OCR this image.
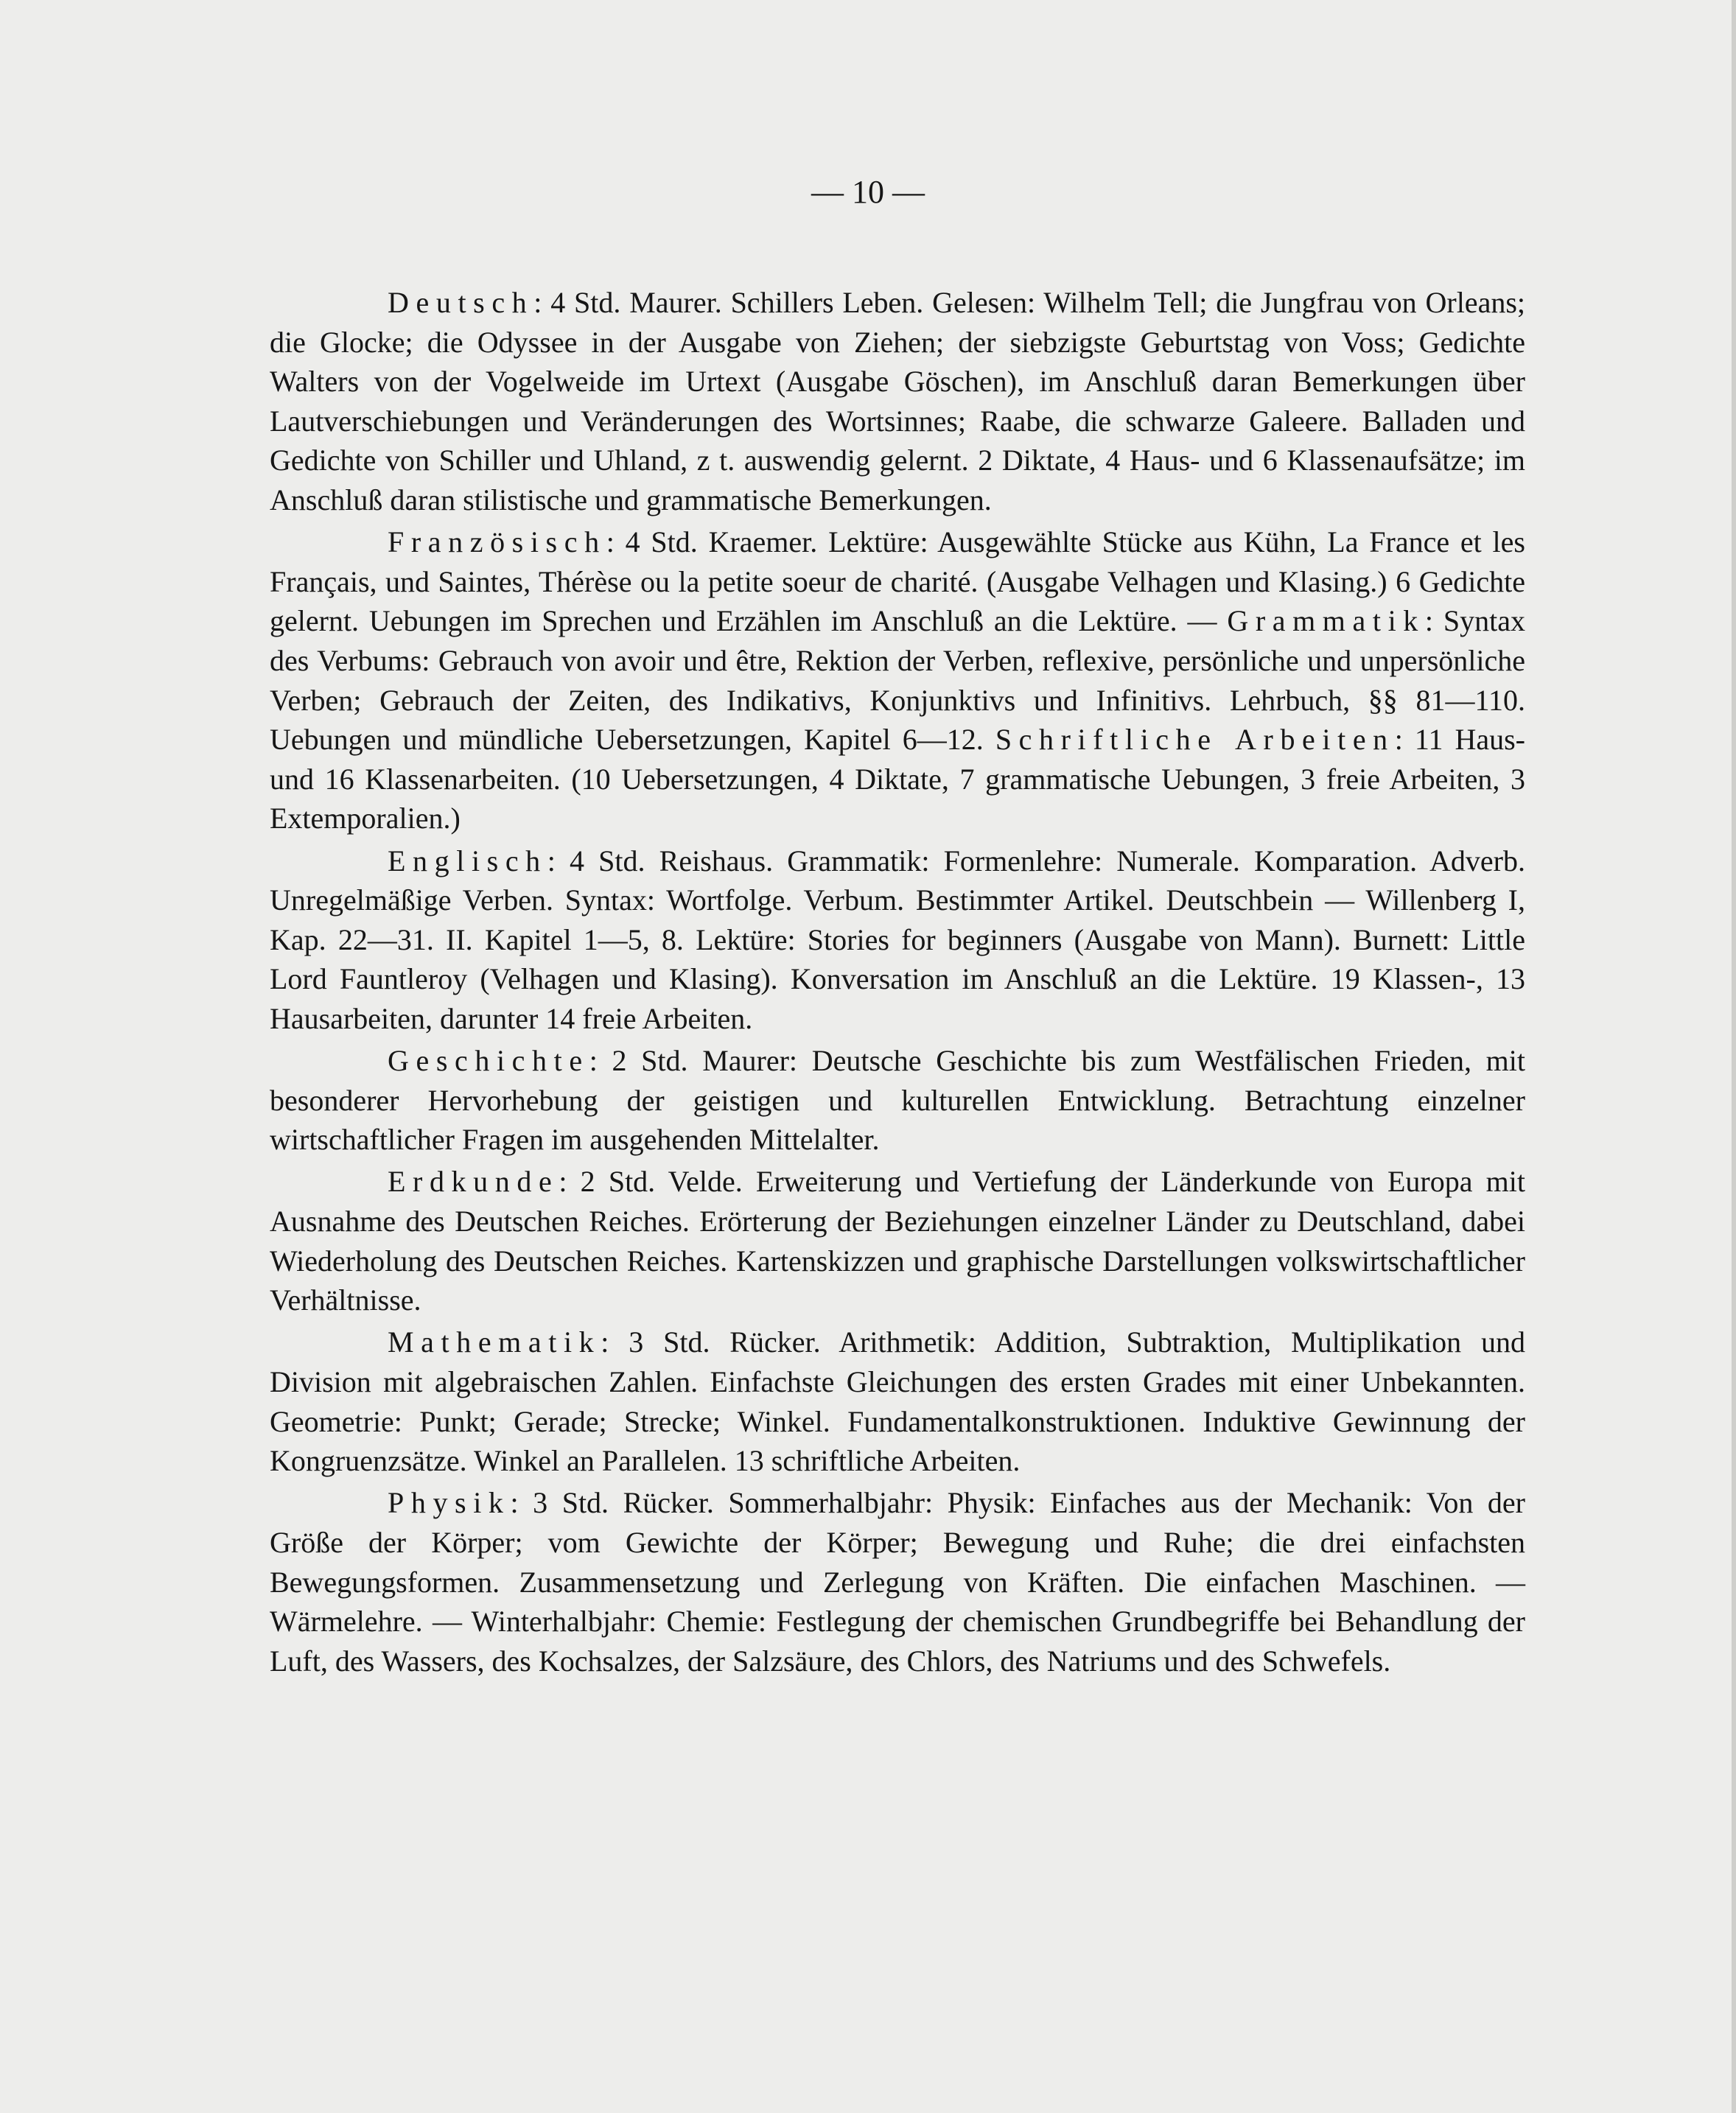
— 10 —

Deutsch: 4 Std. Maurer. Schillers Leben. Gelesen: Wilhelm Tell; die Jungfrau von Orleans; die Glocke; die Odyssee in der Ausgabe von Ziehen; der siebzigste Geburtstag von Voss; Gedichte Walters von der Vogelweide im Urtext (Ausgabe Göschen), im Anschluß daran Bemerkungen über Lautverschiebungen und Veränderungen des Wortsinnes; Raabe, die schwarze Galeere. Balladen und Gedichte von Schiller und Uhland, z t. auswendig gelernt. 2 Diktate, 4 Haus- und 6 Klassenaufsätze; im Anschluß daran stilistische und grammatische Bemerkungen.

Französisch: 4 Std. Kraemer. Lektüre: Ausgewählte Stücke aus Kühn, La France et les Français, und Saintes, Thérèse ou la petite soeur de charité. (Ausgabe Velhagen und Klasing.) 6 Gedichte gelernt. Uebungen im Sprechen und Erzählen im Anschluß an die Lektüre. — Grammatik: Syntax des Verbums: Gebrauch von avoir und être, Rektion der Verben, reflexive, persönliche und unpersönliche Verben; Gebrauch der Zeiten, des Indikativs, Konjunktivs und Infinitivs. Lehrbuch, §§ 81—110. Uebungen und mündliche Uebersetzungen, Kapitel 6—12. Schriftliche Arbeiten: 11 Haus- und 16 Klassenarbeiten. (10 Uebersetzungen, 4 Diktate, 7 grammatische Uebungen, 3 freie Arbeiten, 3 Extemporalien.)

Englisch: 4 Std. Reishaus. Grammatik: Formenlehre: Numerale. Komparation. Adverb. Unregelmäßige Verben. Syntax: Wortfolge. Verbum. Bestimmter Artikel. Deutschbein — Willenberg I, Kap. 22—31. II. Kapitel 1—5, 8. Lektüre: Stories for beginners (Ausgabe von Mann). Burnett: Little Lord Fauntleroy (Velhagen und Klasing). Konversation im Anschluß an die Lektüre. 19 Klassen-, 13 Hausarbeiten, darunter 14 freie Arbeiten.

Geschichte: 2 Std. Maurer: Deutsche Geschichte bis zum Westfälischen Frieden, mit besonderer Hervorhebung der geistigen und kulturellen Entwicklung. Betrachtung einzelner wirtschaftlicher Fragen im ausgehenden Mittelalter.

Erdkunde: 2 Std. Velde. Erweiterung und Vertiefung der Länderkunde von Europa mit Ausnahme des Deutschen Reiches. Erörterung der Beziehungen einzelner Länder zu Deutschland, dabei Wiederholung des Deutschen Reiches. Kartenskizzen und graphische Darstellungen volkswirtschaftlicher Verhältnisse.

Mathematik: 3 Std. Rücker. Arithmetik: Addition, Subtraktion, Multiplikation und Division mit algebraischen Zahlen. Einfachste Gleichungen des ersten Grades mit einer Unbekannten. Geometrie: Punkt; Gerade; Strecke; Winkel. Fundamentalkonstruktionen. Induktive Gewinnung der Kongruenzsätze. Winkel an Parallelen. 13 schriftliche Arbeiten.

Physik: 3 Std. Rücker. Sommerhalbjahr: Physik: Einfaches aus der Mechanik: Von der Größe der Körper; vom Gewichte der Körper; Bewegung und Ruhe; die drei einfachsten Bewegungsformen. Zusammensetzung und Zerlegung von Kräften. Die einfachen Maschinen. — Wärmelehre. — Winterhalbjahr: Chemie: Festlegung der chemischen Grundbegriffe bei Behandlung der Luft, des Wassers, des Kochsalzes, der Salzsäure, des Chlors, des Natriums und des Schwefels.
